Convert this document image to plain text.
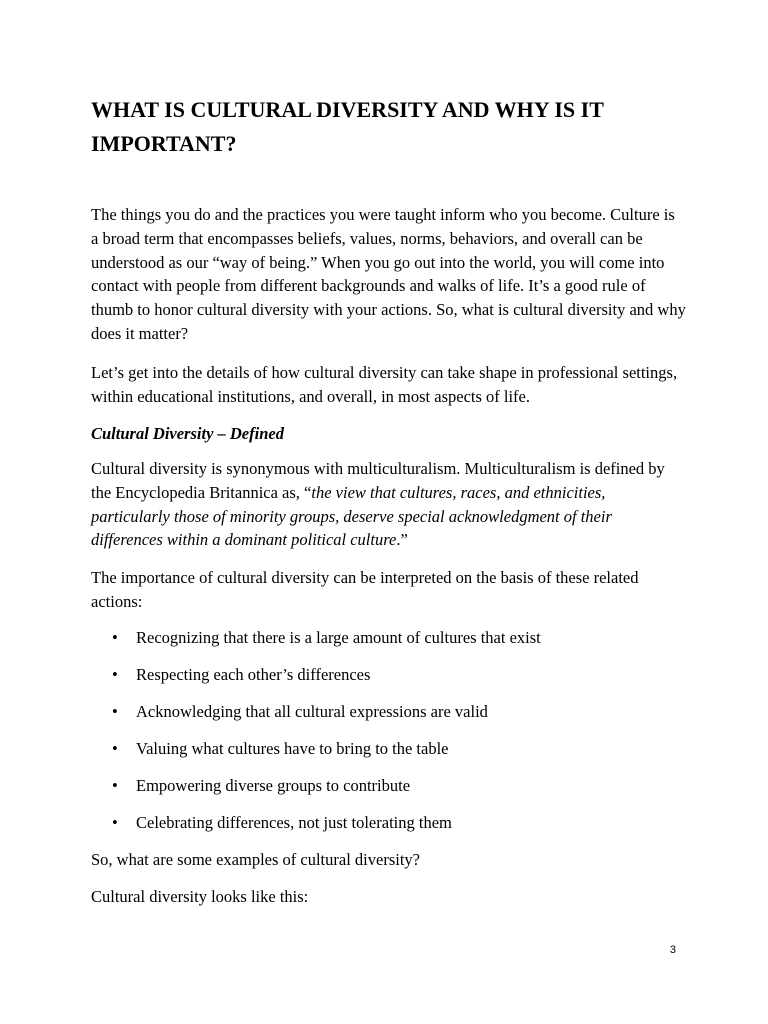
WHAT IS CULTURAL DIVERSITY AND WHY IS IT IMPORTANT?

The things you do and the practices you were taught inform who you become. Culture is a broad term that encompasses beliefs, values, norms, behaviors, and overall can be understood as our “way of being.” When you go out into the world, you will come into contact with people from different backgrounds and walks of life. It’s a good rule of thumb to honor cultural diversity with your actions. So, what is cultural diversity and why does it matter?

Let’s get into the details of how cultural diversity can take shape in professional settings, within educational institutions, and overall, in most aspects of life.

Cultural Diversity – Defined

Cultural diversity is synonymous with multiculturalism. Multiculturalism is defined by the Encyclopedia Britannica as, “the view that cultures, races, and ethnicities, particularly those of minority groups, deserve special acknowledgment of their differences within a dominant political culture.”

The importance of cultural diversity can be interpreted on the basis of these related actions:

• Recognizing that there is a large amount of cultures that exist
• Respecting each other’s differences
• Acknowledging that all cultural expressions are valid
• Valuing what cultures have to bring to the table
• Empowering diverse groups to contribute
• Celebrating differences, not just tolerating them

So, what are some examples of cultural diversity?

Cultural diversity looks like this:

3
